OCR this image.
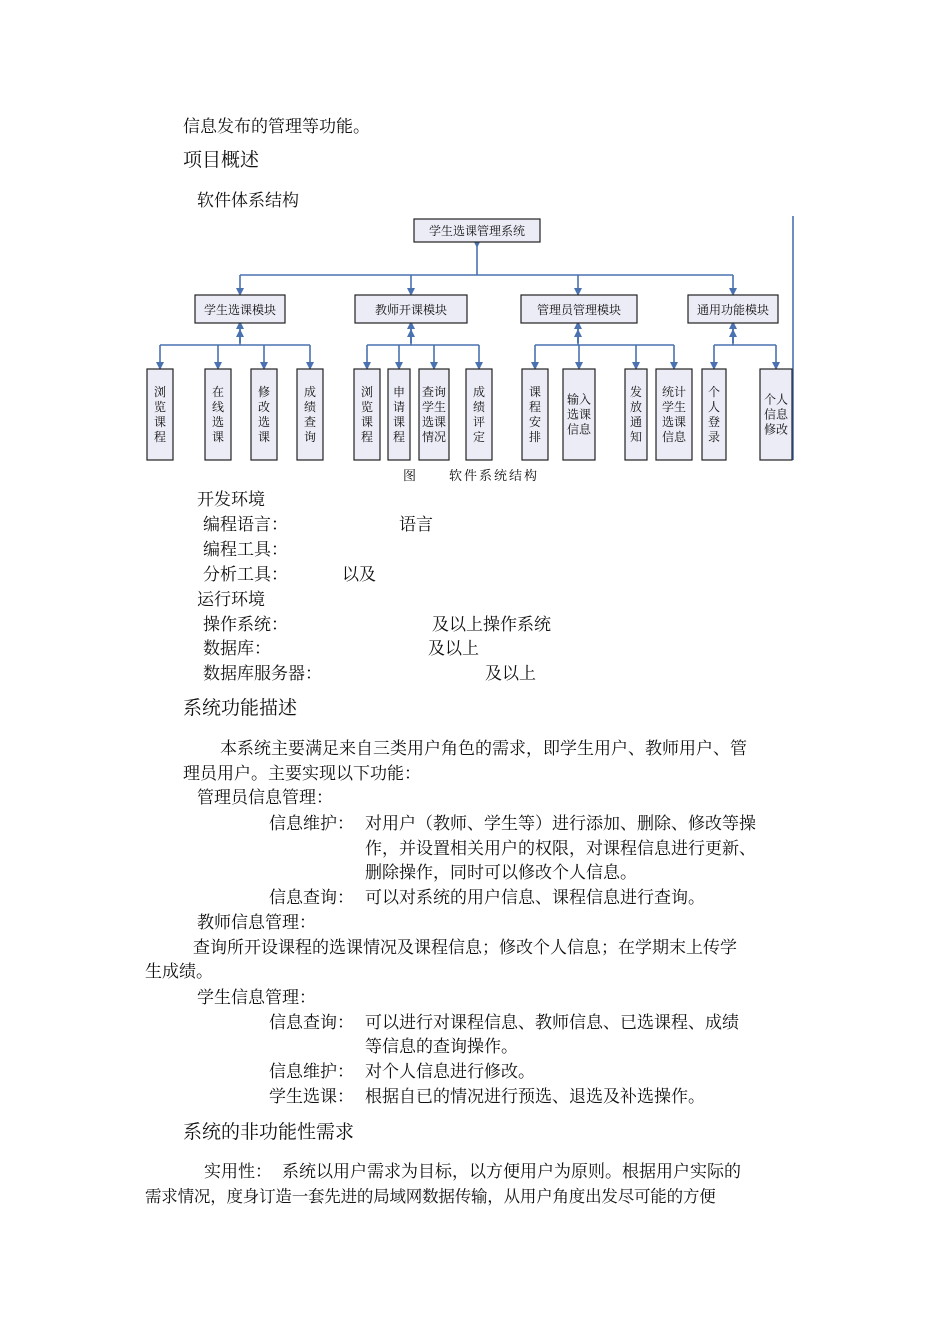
信息发布的管理等功能。
项目概述
软件体系结构
学生选课管理系统
学生选课模块	教师开课模块	管理员管理模块	通用功能模块
浏
览
课
程
在
线
选
课
修
改
选
课
成
绩
查
询
浏
览
课
程
申
请
课
程
查询
学生
选课
情况
成
绩
评
定
课
程
安
排
输入
选课
信息
发
放
通
知
统计
学生
选课
信息
个
人
登
录
个人
信息
修改
图	软件系统结构
开发环境
编程语言：	语言
编程工具：
分析工具：	以及
运行环境
操作系统：	及以上操作系统
数据库：	及以上
数据库服务器：	及以上
系统功能描述
本系统主要满足来自三类用户角色的需求，即学生用户、教师用户、管
理员用户。主要实现以下功能：
管理员信息管理：
信息维护： 对用户（教师、学生等）进行添加、删除、修改等操
作，并设置相关用户的权限，对课程信息进行更新、
删除操作，同时可以修改个人信息。
信息查询： 可以对系统的用户信息、课程信息进行查询。
教师信息管理：
查询所开设课程的选课情况及课程信息；修改个人信息；在学期末上传学
生成绩。
学生信息管理：
信息查询： 可以进行对课程信息、教师信息、已选课程、成绩
等信息的查询操作。
信息维护： 对个人信息进行修改。
学生选课： 根据自已的情况进行预选、退选及补选操作。
系统的非功能性需求
实用性： 系统以用户需求为目标，以方便用户为原则。根据用户实际的
需求情况，度身订造一套先进的局域网数据传输，从用户角度出发尽可能的方便
